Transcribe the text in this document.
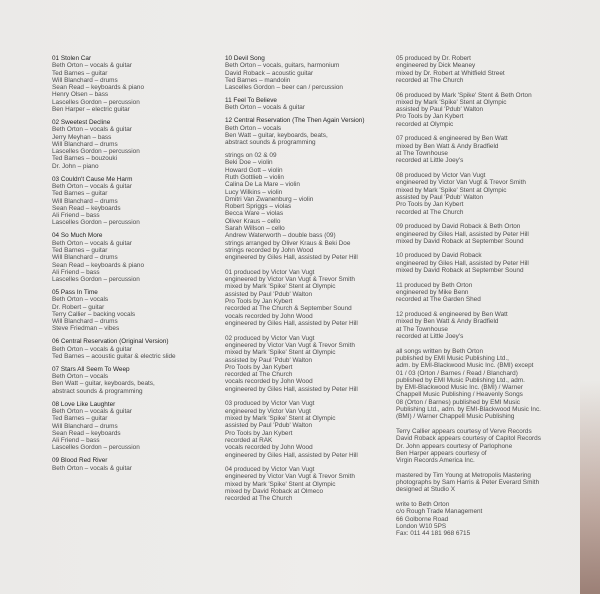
01 Stolen Car
Beth Orton – vocals & guitar
Ted Barnes – guitar
Will Blanchard – drums
Sean Read – keyboards & piano
Henry Olsen – bass
Lascelles Gordon – percussion
Ben Harper – electric guitar
02 Sweetest Decline
Beth Orton – vocals & guitar
Jerry Meyhan – bass
Will Blanchard – drums
Lascelles Gordon – percussion
Ted Barnes – bouzouki
Dr. John – piano
03 Couldn't Cause Me Harm
Beth Orton – vocals & guitar
Ted Barnes – guitar
Will Blanchard – drums
Sean Read – keyboards
Ali Friend – bass
Lascelles Gordon – percussion
04 So Much More
Beth Orton – vocals & guitar
Ted Barnes – guitar
Will Blanchard – drums
Sean Read – keyboards & piano
Ali Friend – bass
Lascelles Gordon – percussion
05 Pass In Time
Beth Orton – vocals
Dr. Robert – guitar
Terry Callier – backing vocals
Will Blanchard – drums
Steve Friedman – vibes
06 Central Reservation (Original Version)
Beth Orton – vocals & guitar
Ted Barnes – acoustic guitar & electric slide
07 Stars All Seem To Weep
Beth Orton – vocals
Ben Watt – guitar, keyboards, beats,
abstract sounds & programming
08 Love Like Laughter
Beth Orton – vocals & guitar
Ted Barnes – guitar
Will Blanchard – drums
Sean Read – keyboards
Ali Friend – bass
Lascelles Gordon – percussion
09 Blood Red River
Beth Orton – vocals & guitar
10 Devil Song
Beth Orton – vocals, guitars, harmonium
David Roback – acoustic guitar
Ted Barnes – mandolin
Lascelles Gordon – beer can / percussion
11 Feel To Believe
Beth Orton – vocals & guitar
12 Central Reservation (The Then Again Version)
Beth Orton – vocals
Ben Watt – guitar, keyboards, beats,
abstract sounds & programming
strings on 02 & 09
Beki Doe – violin
Howard Gott – violin
Ruth Gottlieb – violin
Calina De La Mare – violin
Lucy Wilkins – violin
Dmitri Van Zwanenburg – violin
Robert Spriggs – violas
Becca Ware – violas
Oliver Kraus – cello
Sarah Willson – cello
Andrew Waterworth – double bass (09)
strings arranged by Oliver Kraus & Beki Doe
strings recorded by John Wood
engineered by Giles Hall, assisted by Peter Hill
01 produced by Victor Van Vugt
engineered by Victor Van Vugt & Trevor Smith
mixed by Mark 'Spike' Stent at Olympic
assisted by Paul 'Pdub' Walton
Pro Tools by Jan Kybert
recorded at The Church & September Sound
vocals recorded by John Wood
engineered by Giles Hall, assisted by Peter Hill
02 produced by Victor Van Vugt
engineered by Victor Van Vugt & Trevor Smith
mixed by Mark 'Spike' Stent at Olympic
assisted by Paul 'Pdub' Walton
Pro Tools by Jan Kybert
recorded at The Church
vocals recorded by John Wood
engineered by Giles Hall, assisted by Peter Hill
03 produced by Victor Van Vugt
engineered by Victor Van Vugt
mixed by Mark 'Spike' Stent at Olympic
assisted by Paul 'Pdub' Walton
Pro Tools by Jan Kybert
recorded at RAK
vocals recorded by John Wood
engineered by Giles Hall, assisted by Peter Hill
04 produced by Victor Van Vugt
engineered by Victor Van Vugt & Trevor Smith
mixed by Mark 'Spike' Stent at Olympic
mixed by David Roback at Olmeco
recorded at The Church
05 produced by Dr. Robert
engineered by Dick Meaney
mixed by Dr. Robert at Whitfield Street
recorded at The Church
06 produced by Mark 'Spike' Stent & Beth Orton
mixed by Mark 'Spike' Stent at Olympic
assisted by Paul 'Pdub' Walton
Pro Tools by Jan Kybert
recorded at Olympic
07 produced & engineered by Ben Watt
mixed by Ben Watt & Andy Bradfield
at The Townhouse
recorded at Little Joey's
08 produced by Victor Van Vugt
engineered by Victor Van Vugt & Trevor Smith
mixed by Mark 'Spike' Stent at Olympic
assisted by Paul 'Pdub' Walton
Pro Tools by Jan Kybert
recorded at The Church
09 produced by David Roback & Beth Orton
engineered by Giles Hall, assisted by Peter Hill
mixed by David Roback at September Sound
10 produced by David Roback
engineered by Giles Hall, assisted by Peter Hill
mixed by David Roback at September Sound
11 produced by Beth Orton
engineered by Mike Benn
recorded at The Garden Shed
12 produced & engineered by Ben Watt
mixed by Ben Watt & Andy Bradfield
at The Townhouse
recorded at Little Joey's
all songs written by Beth Orton
published by EMI Music Publishing Ltd.,
adm. by EMI-Blackwood Music Inc. (BMI) except
01 / 03 (Orton / Barnes / Read / Blanchard)
published by EMI Music Publishing Ltd., adm.
by EMI-Blackwood Music Inc. (BMI) / Warner
Chappell Music Publishing / Heavenly Songs
08 (Orton / Barnes) published by EMI Music
Publishing Ltd., adm. by EMI-Blackwood Music Inc.
(BMI) / Warner Chappell Music Publishing
Terry Callier appears courtesy of Verve Records
David Roback appears courtesy of Capitol Records
Dr. John appears courtesy of Parlophone
Ben Harper appears courtesy of
Virgin Records America Inc.
mastered by Tim Young at Metropolis Mastering
photographs by Sam Harris & Peter Everard Smith
designed at Studio X
write to Beth Orton
c/o Rough Trade Management
66 Golborne Road
London W10 5PS
Fax: 011 44 181 968 6715
